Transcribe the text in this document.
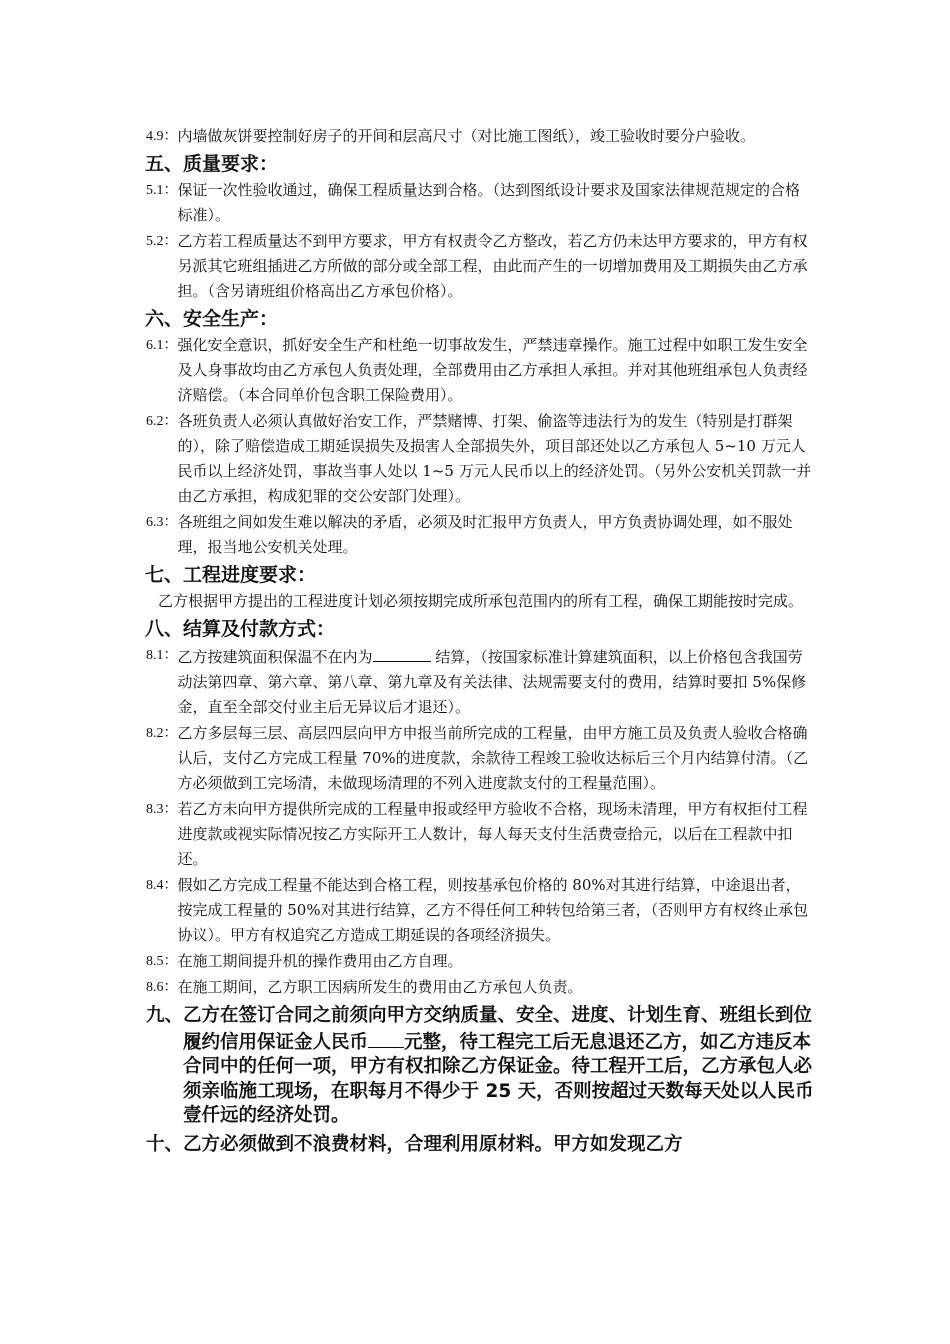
4.9： 内墙做灰饼要控制好房子的开间和层高尺寸（对比施工图纸），竣工验收时要分户验收。
五、质量要求：
5.1： 保证一次性验收通过，确保工程质量达到合格。（达到图纸设计要求及国家法律规范规定的合格标准）。
5.2： 乙方若工程质量达不到甲方要求，甲方有权责令乙方整改，若乙方仍未达甲方要求的，甲方有权另派其它班组插进乙方所做的部分或全部工程，由此而产生的一切增加费用及工期损失由乙方承担。（含另请班组价格高出乙方承包价格）。
六、安全生产：
6.1： 强化安全意识，抓好安全生产和杜绝一切事故发生，严禁违章操作。施工过程中如职工发生安全及人身事故均由乙方承包人负责处理，全部费用由乙方承担人承担。并对其他班组承包人负责经济赔偿。（本合同单价包含职工保险费用）。
6.2： 各班负责人必须认真做好治安工作，严禁赌博、打架、偷盗等违法行为的发生（特别是打群架的），除了赔偿造成工期延误损失及损害人全部损失外，项目部还处以乙方承包人 5~10 万元人民币以上经济处罚，事故当事人处以 1~5 万元人民币以上的经济处罚。（另外公安机关罚款一并由乙方承担，构成犯罪的交公安部门处理）。
6.3： 各班组之间如发生难以解决的矛盾，必须及时汇报甲方负责人，甲方负责协调处理，如不服处理，报当地公安机关处理。
七、工程进度要求：
乙方根据甲方提出的工程进度计划必须按期完成所承包范围内的所有工程，确保工期能按时完成。
八、结算及付款方式：
8.1： 乙方按建筑面积保温不在内为	结算，（按国家标准计算建筑面积，以上价格包含我国劳动法第四章、第六章、第八章、第九章及有关法律、法规需要支付的费用，结算时要扣 5%保修金，直至全部交付业主后无异议后才退还）。
8.2： 乙方多层每三层、高层四层向甲方申报当前所完成的工程量，由甲方施工员及负责人验收合格确认后，支付乙方完成工程量 70%的进度款，余款待工程竣工验收达标后三个月内结算付清。（乙方必须做到工完场清，未做现场清理的不列入进度款支付的工程量范围）。
8.3： 若乙方未向甲方提供所完成的工程量申报或经甲方验收不合格，现场未清理，甲方有权拒付工程进度款或视实际情况按乙方实际开工人数计，每人每天支付生活费壹拾元，以后在工程款中扣还。
8.4： 假如乙方完成工程量不能达到合格工程，则按基承包价格的 80%对其进行结算，中途退出者，按完成工程量的 50%对其进行结算，乙方不得任何工种转包给第三者，（否则甲方有权终止承包协议）。甲方有权追究乙方造成工期延误的各项经济损失。
8.5： 在施工期间提升机的操作费用由乙方自理。
8.6： 在施工期间，乙方职工因病所发生的费用由乙方承包人负责。
九、 乙方在签订合同之前须向甲方交纳质量、安全、进度、计划生育、班组长到位履约信用保证金人民币 元整，待工程完工后无息退还乙方，如乙方违反本合同中的任何一项，甲方有权扣除乙方保证金。待工程开工后，乙方承包人必须亲临施工现场，在职每月不得少于 25 天，否则按超过天数每天处以人民币壹仟远的经济处罚。
十、 乙方必须做到不浪费材料，合理利用原材料。甲方如发现乙方
